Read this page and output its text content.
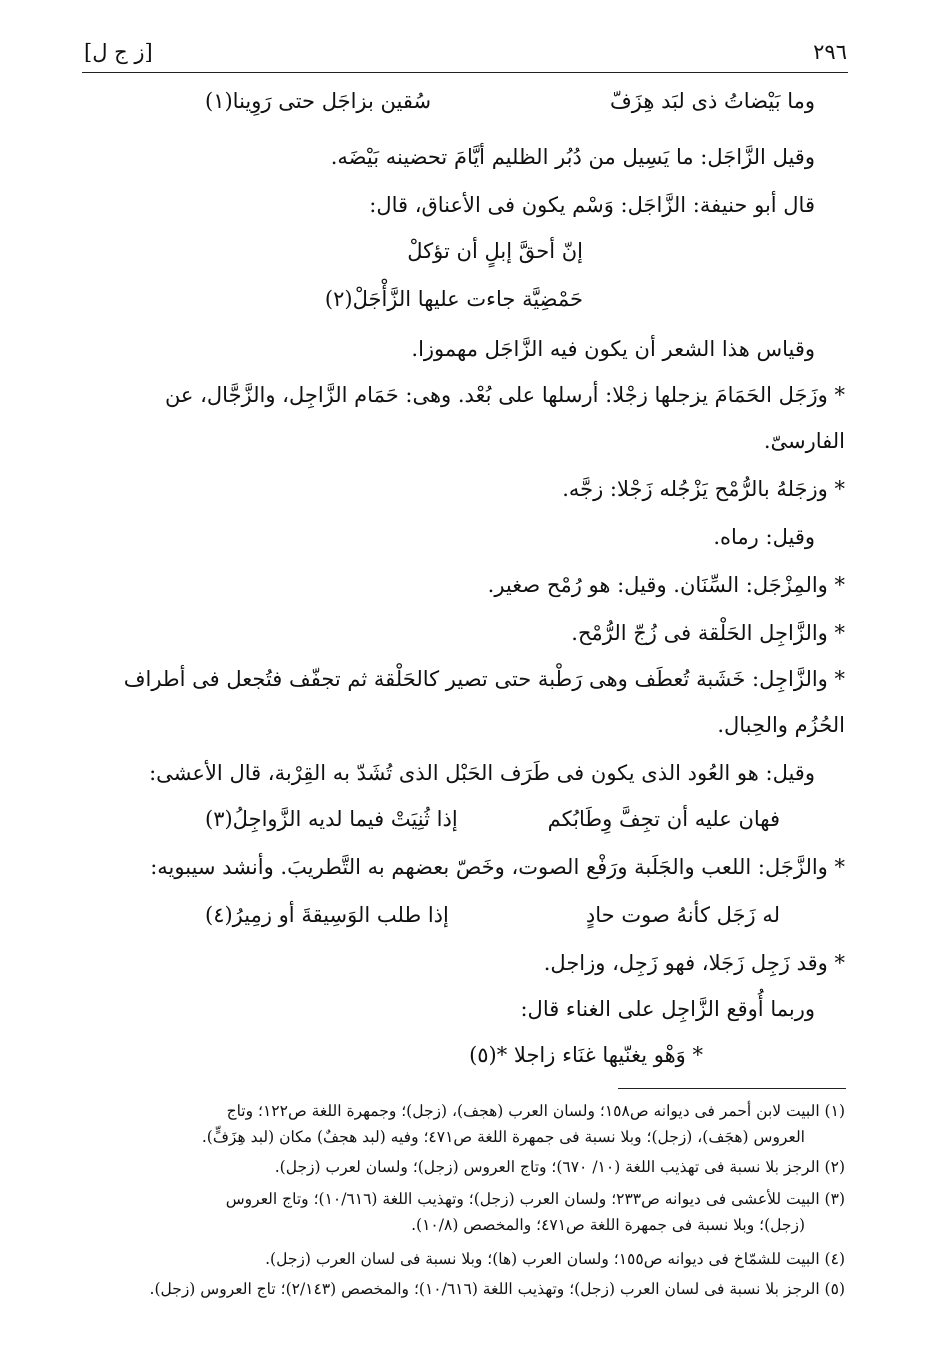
٢٩٦
[ز ج ل]
وما بَيْضاتُ ذى لبَد هِزَفّ
سُقين بزاجَل حتى رَوِينا(١)
وقيل الزَّاجَل: ما يَسِيل من دُبُر الظليم أيَّامَ تحضينه بَيْضَه.
قال أبو حنيفة: الزَّاجَل: وَسْم يكون فى الأعناق، قال:
إنّ أحقَّ إبلٍ أن تؤكلْ
حَمْضِيَّة جاءت عليها الزَّأْجَلْ(٢)
وقياس هذا الشعر أن يكون فيه الزَّاجَل مهموزا.
* وزَجَل الحَمَامَ يزجلها زجْلا: أرسلها على بُعْد. وهى: حَمَام الزَّاجِل، والزَّجَّال، عن
الفارسىّ.
* وزجَلهُ بالرُّمْح يَزْجُله زَجْلا: زجَّه.
وقيل: رماه.
* والمِزْجَل: السِّنَان. وقيل: هو رُمْح صغير.
* والزَّاجِل الحَلْقة فى زُجّ الرُّمْح.
* والزَّاجِل: خَشَبة تُعطَف وهى رَطْبة حتى تصير كالحَلْقة ثم تجفّف فتُجعل فى أطراف
الحُزُم والحِبال.
وقيل: هو العُود الذى يكون فى طَرَف الحَبْل الذى تُشَدّ به القِرْبة، قال الأعشى:
فهان عليه أن تجِفَّ وِطَابُكم
إذا ثُنِيَتْ فيما لديه الزَّواجِلُ(٣)
* والزَّجَل: اللعب والجَلَبة ورَفْع الصوت، وخَصّ بعضهم به التَّطريبَ. وأنشد سيبويه:
له زَجَل كأنهُ صوت حادٍ
إذا طلب الوَسِيقةَ أو زمِيرُ(٤)
* وقد زَجِل زَجَلا، فهو زَجِل، وزاجل.
وربما أُوقع الزَّاجِل على الغناء قال:
* وَهْو يغنّيها غنَاء زاجلا *(٥)
(١) البيت لابن أحمر فى ديوانه ص١٥٨؛ ولسان العرب (هجف)، (زجل)؛ وجمهرة اللغة ص١٢٢؛ وتاج
العروس (هجَف)، (زجل)؛ وبلا نسبة فى جمهرة اللغة ص٤٧١؛ وفيه (لبد هجفٌ) مكان (لبد هِزَفٍّ).
(٢) الرجز بلا نسبة فى تهذيب اللغة (١٠/ ٦٧٠)؛ وتاج العروس (زجل)؛ ولسان لعرب (زجل).
(٣) البيت للأعشى فى ديوانه ص٢٣٣؛ ولسان العرب (زجل)؛ وتهذيب اللغة (١٠/٦١٦)؛ وتاج العروس
(زجل)؛ وبلا نسبة فى جمهرة اللغة ص٤٧١؛ والمخصص (١٠/٨).
(٤) البيت للشمّاخ فى ديوانه ص١٥٥؛ ولسان العرب (ها)؛ وبلا نسبة فى لسان العرب (زجل).
(٥) الرجز بلا نسبة فى لسان العرب (زجل)؛ وتهذيب اللغة (١٠/٦١٦)؛ والمخصص (٢/١٤٣)؛ تاج العروس (زجل).
